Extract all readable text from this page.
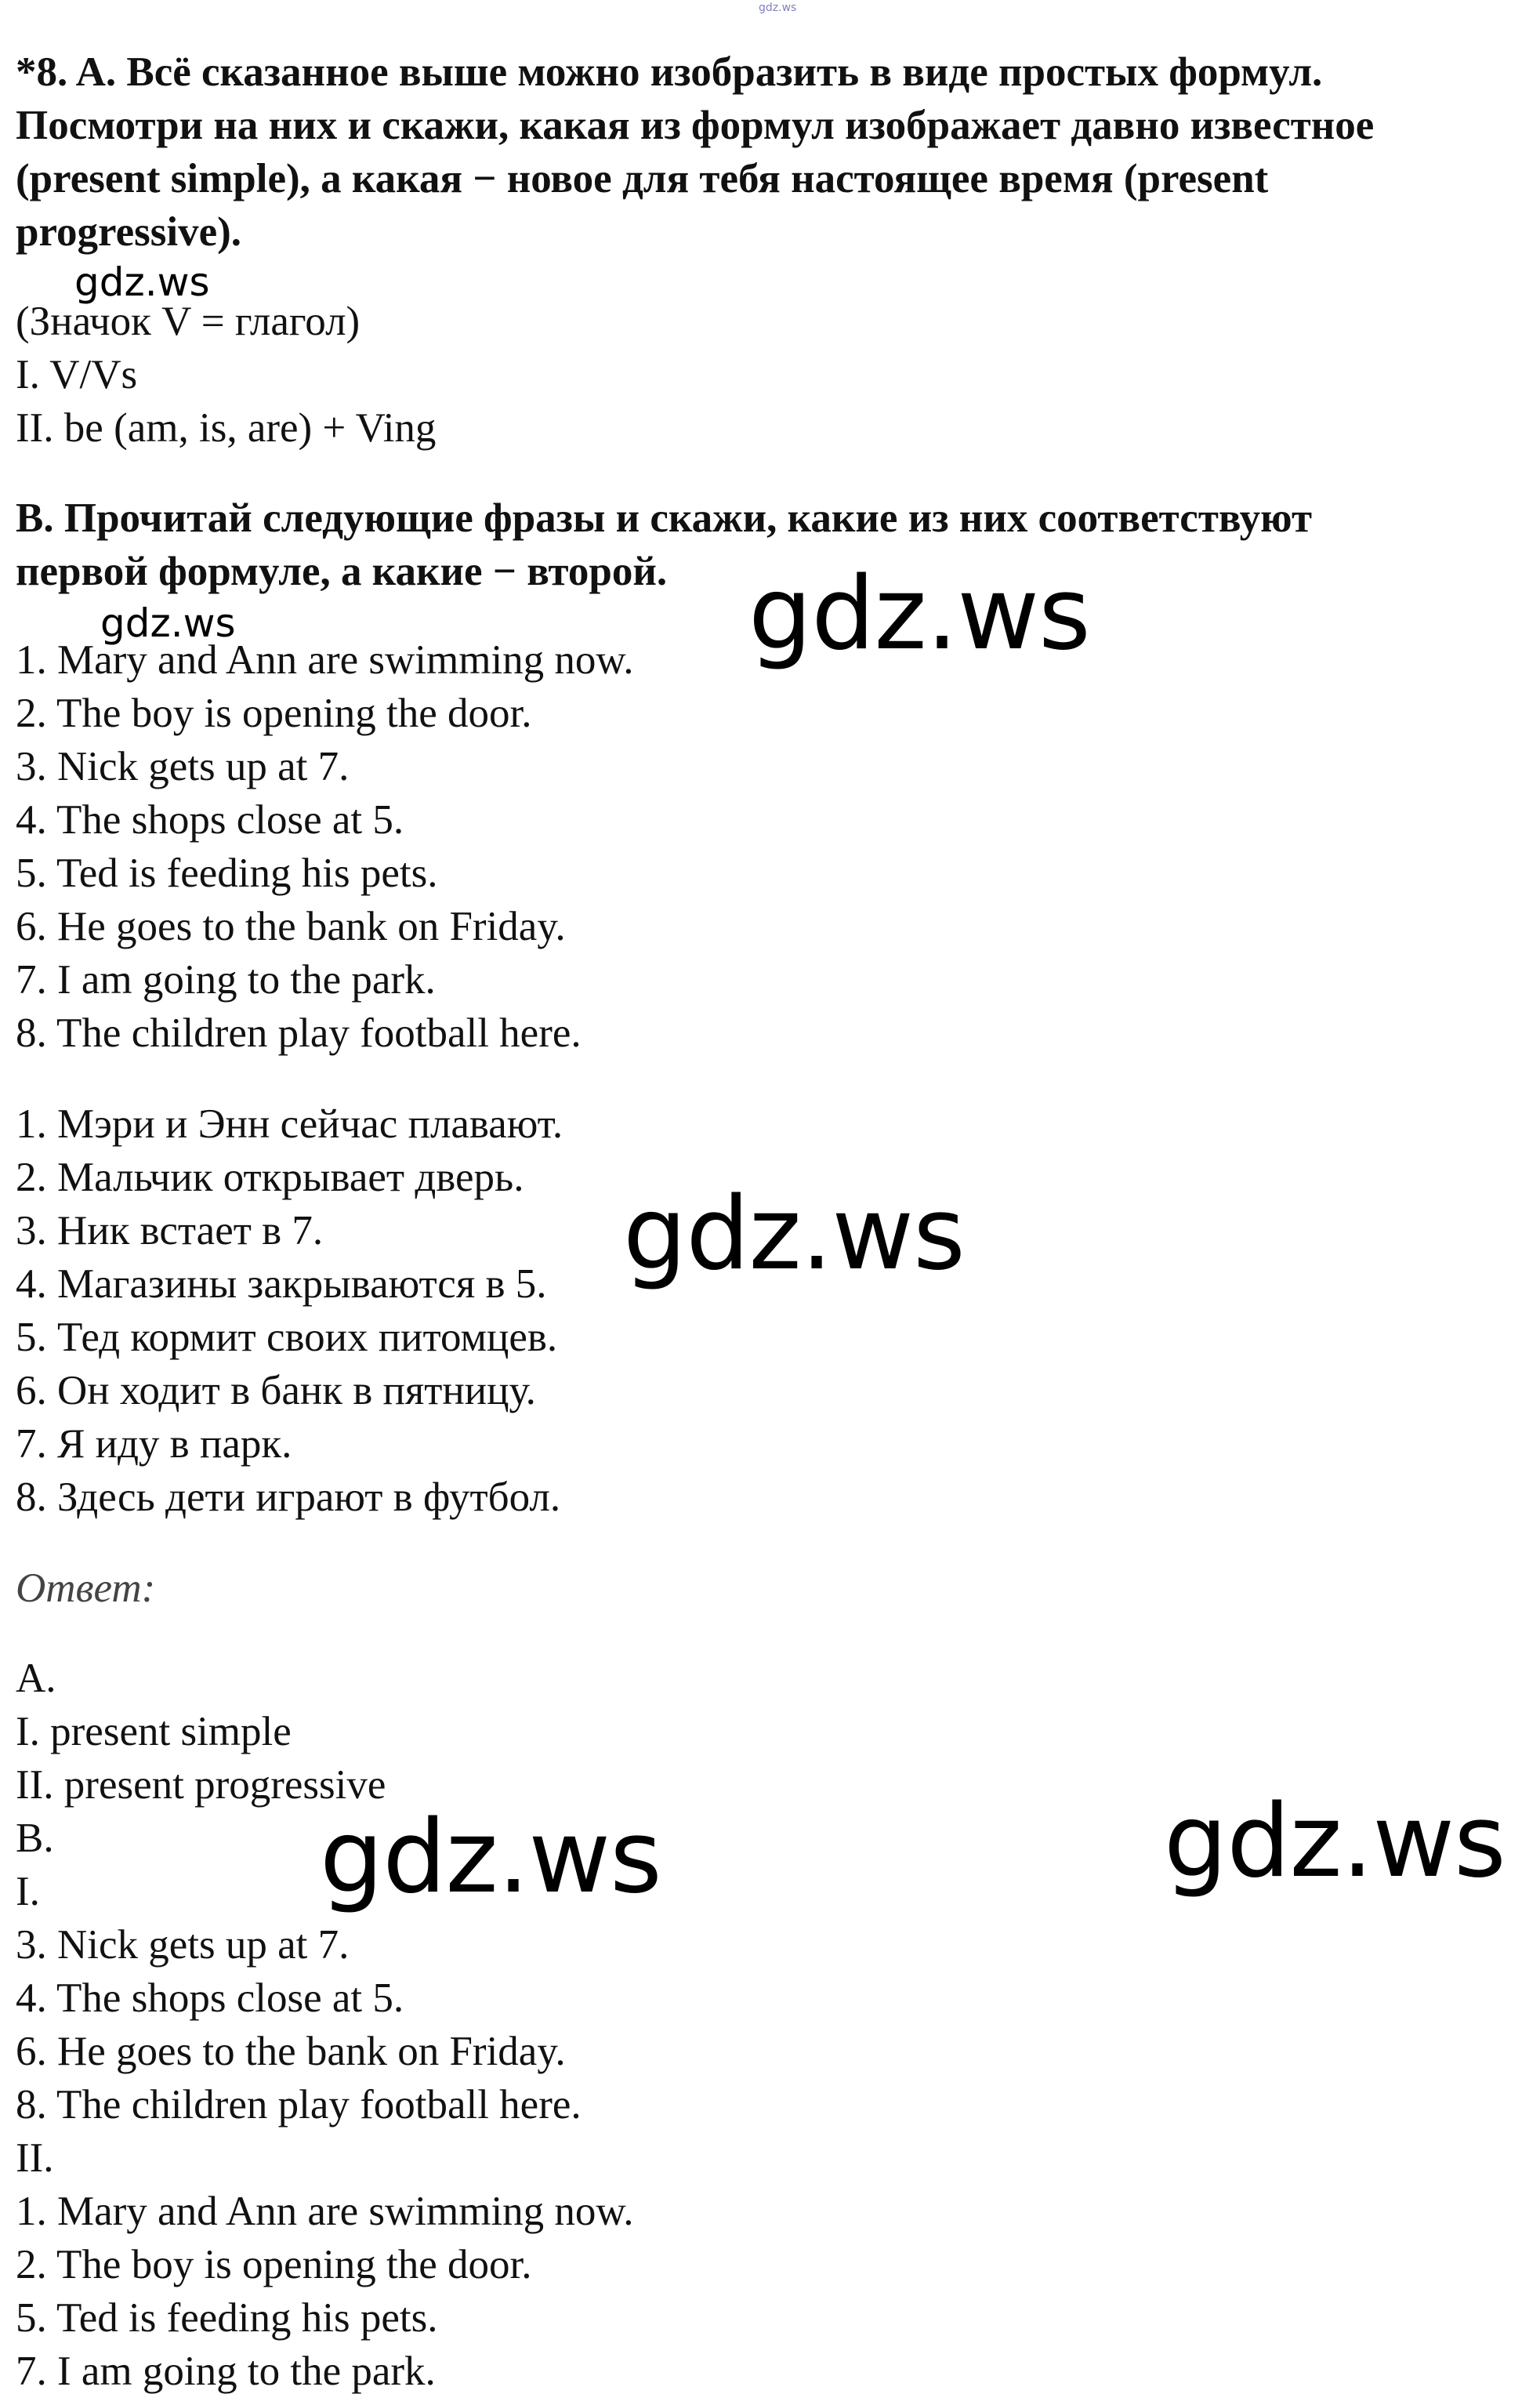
gdz.ws
gdz.ws
gdz.ws	gdz.ws
gdz.ws
gdz.ws	gdz.ws
*8. A. Всё сказанное выше можно изобразить в виде простых формул.
Посмотри на них и скажи, какая из формул изображает давно известное
(present simple), а какая − новое для тебя настоящее время (present
progressive).
(Значок V = глагол)
I. V/Vs
II. be (am, is, are) + Ving
B. Прочитай следующие фразы и скажи, какие из них соответствуют
первой формуле, а какие − второй.
1. Mary and Ann are swimming now.
2. The boy is opening the door.
3. Nick gets up at 7.
4. The shops close at 5.
5. Ted is feeding his pets.
6. He goes to the bank on Friday.
7. I am going to the park.
8. The children play football here.
1. Мэри и Энн сейчас плавают.
2. Мальчик открывает дверь.
3. Ник встает в 7.
4. Магазины закрываются в 5.
5. Тед кормит своих питомцев.
6. Он ходит в банк в пятницу.
7. Я иду в парк.
8. Здесь дети играют в футбол.
Ответ:
A.
I. present simple
II. present progressive
B.
I.
3. Nick gets up at 7.
4. The shops close at 5.
6. He goes to the bank on Friday.
8. The children play football here.
II.
1. Mary and Ann are swimming now.
2. The boy is opening the door.
5. Ted is feeding his pets.
7. I am going to the park.
